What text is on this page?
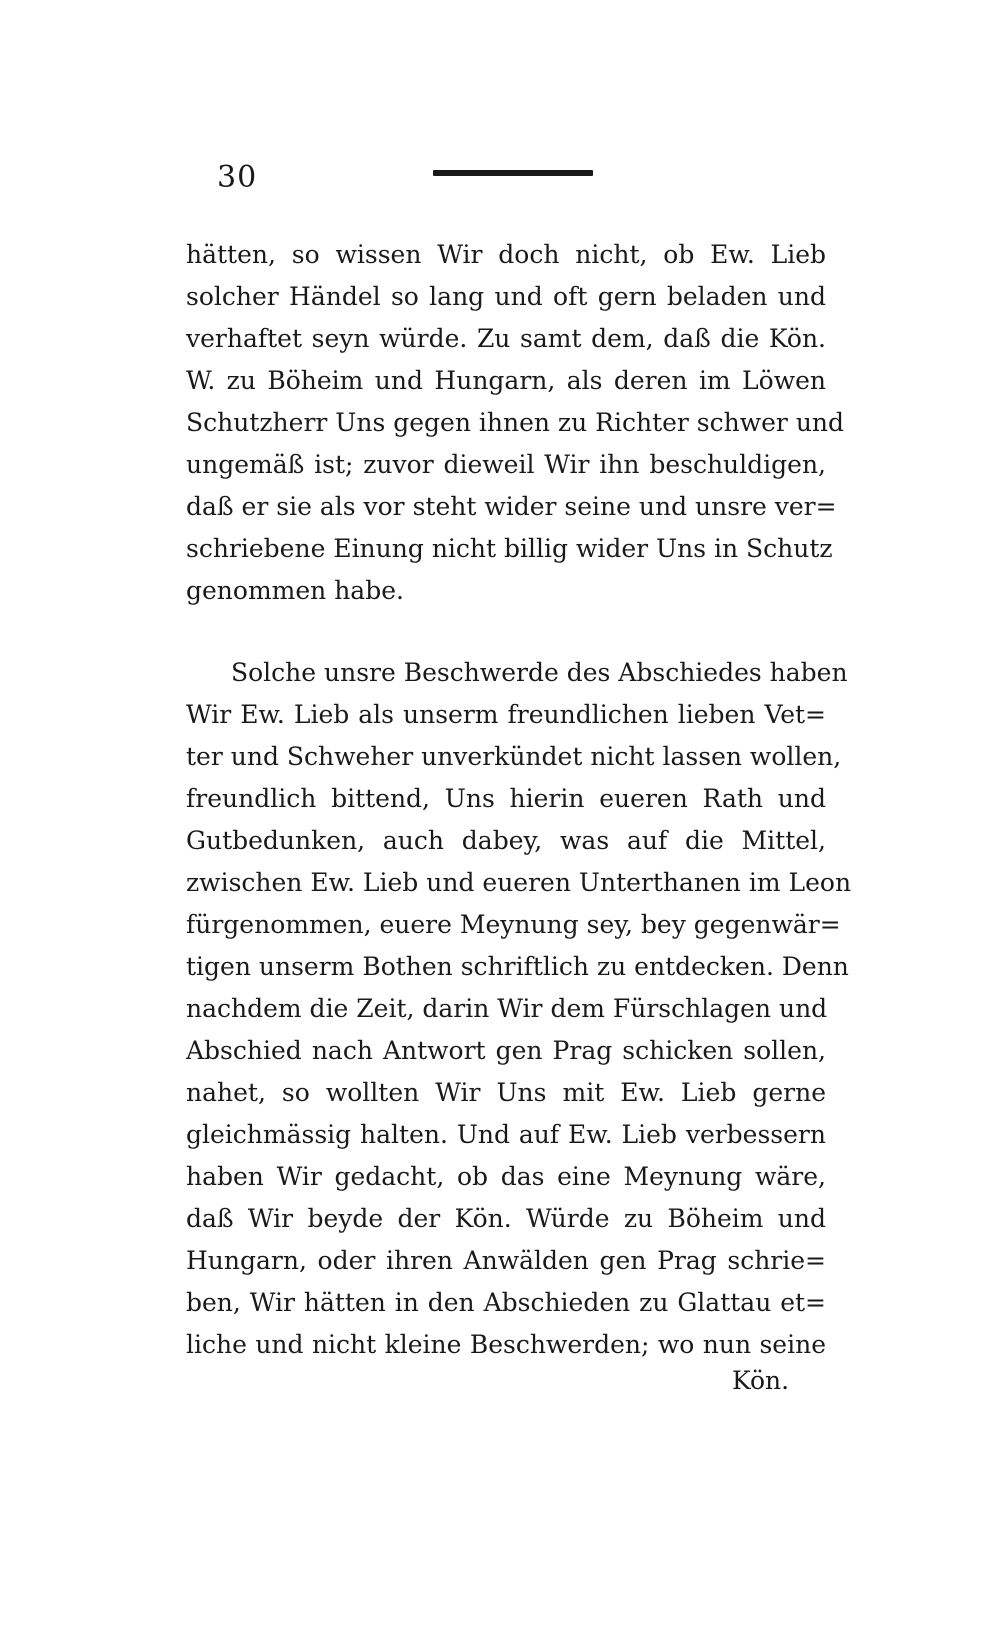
30
hätten, so wissen Wir doch nicht, ob Ew. Lieb
solcher Händel so lang und oft gern beladen und
verhaftet seyn würde. Zu samt dem, daß die Kön.
W. zu Böheim und Hungarn, als deren im Löwen
Schutzherr Uns gegen ihnen zu Richter schwer und
ungemäß ist; zuvor dieweil Wir ihn beschuldigen,
daß er sie als vor steht wider seine und unsre ver=
schriebene Einung nicht billig wider Uns in Schutz
genommen habe.
Solche unsre Beschwerde des Abschiedes haben
Wir Ew. Lieb als unserm freundlichen lieben Vet=
ter und Schweher unverkündet nicht lassen wollen,
freundlich bittend, Uns hierin eueren Rath und
Gutbedunken, auch dabey, was auf die Mittel,
zwischen Ew. Lieb und eueren Unterthanen im Leon
fürgenommen, euere Meynung sey, bey gegenwär=
tigen unserm Bothen schriftlich zu entdecken. Denn
nachdem die Zeit, darin Wir dem Fürschlagen und
Abschied nach Antwort gen Prag schicken sollen,
nahet, so wollten Wir Uns mit Ew. Lieb gerne
gleichmässig halten. Und auf Ew. Lieb verbessern
haben Wir gedacht, ob das eine Meynung wäre,
daß Wir beyde der Kön. Würde zu Böheim und
Hungarn, oder ihren Anwälden gen Prag schrie=
ben, Wir hätten in den Abschieden zu Glattau et=
liche und nicht kleine Beschwerden; wo nun seine
Kön.
